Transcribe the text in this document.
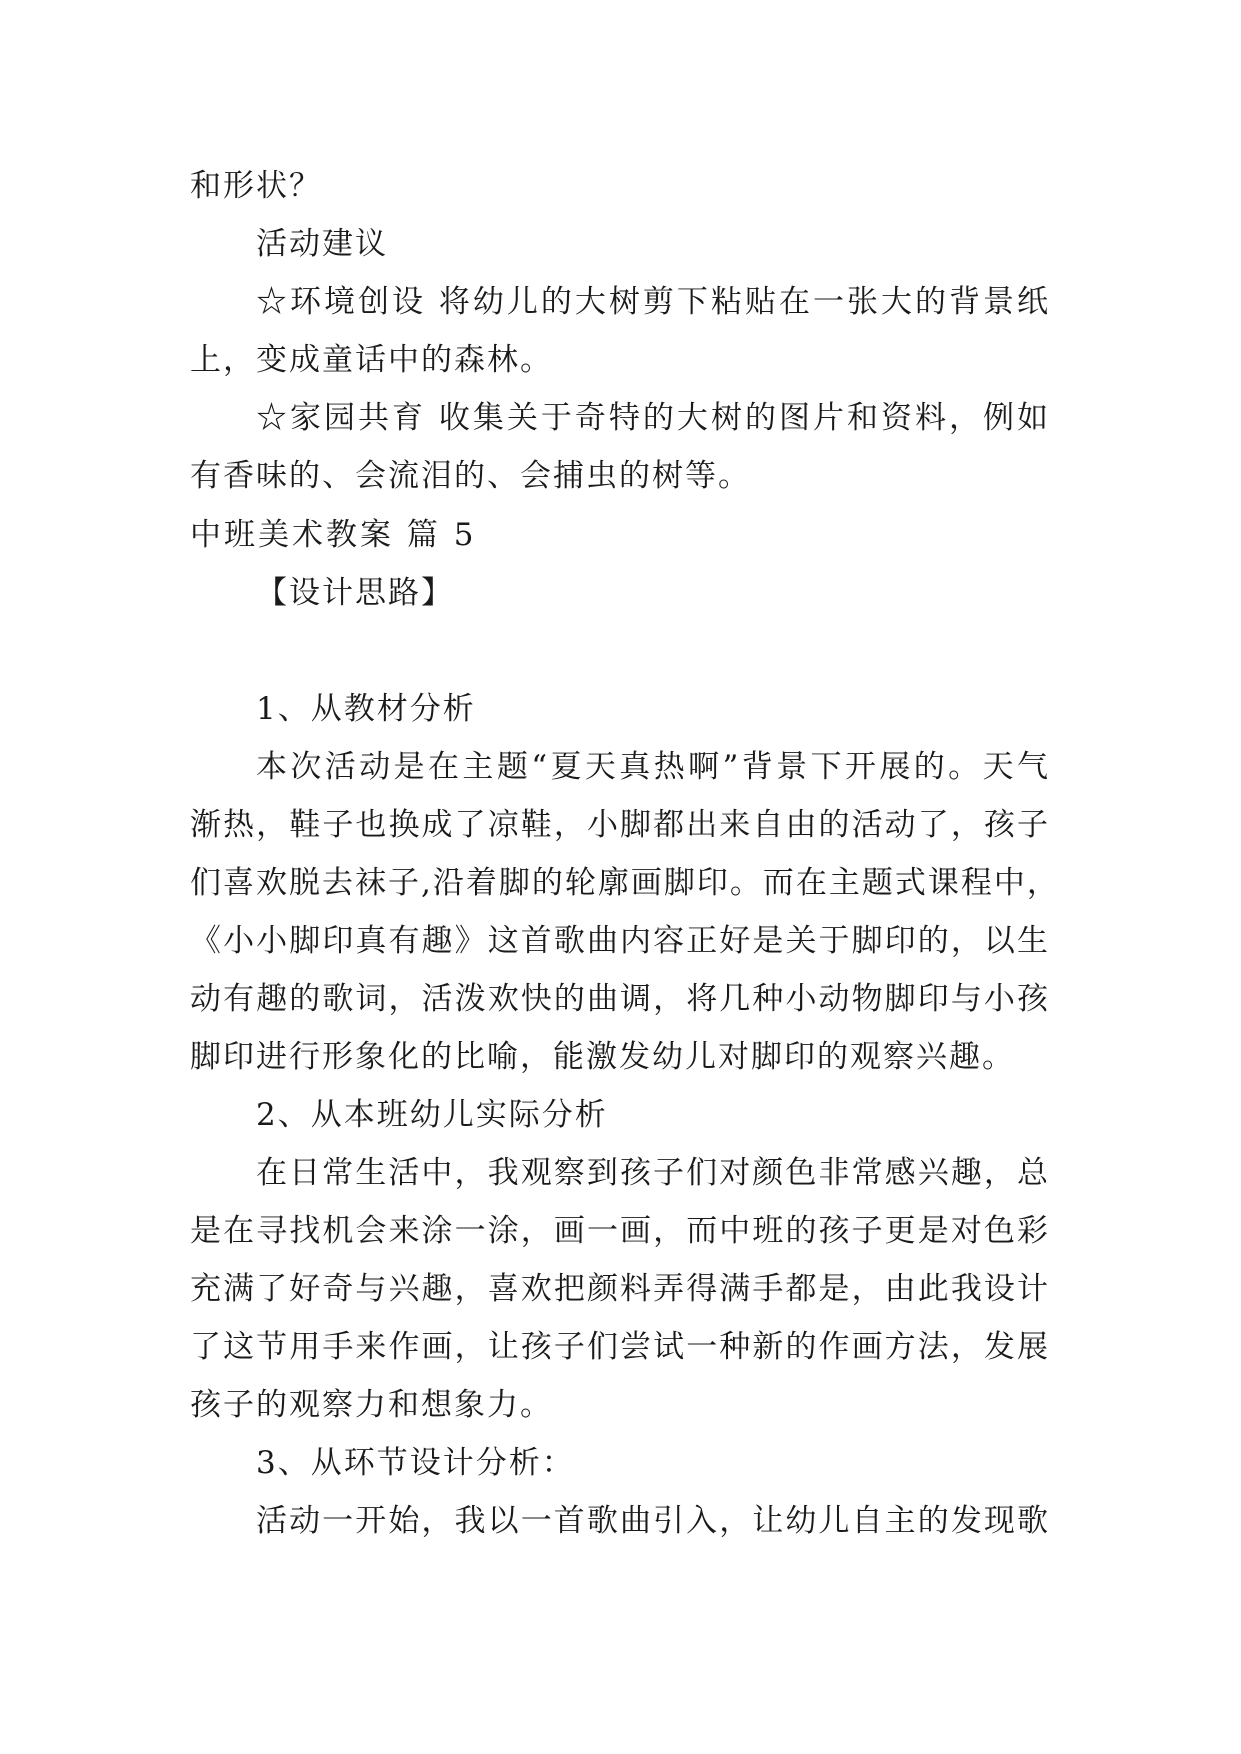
和形状？
活动建议
☆环境创设 将幼儿的大树剪下粘贴在一张大的背景纸
上，变成童话中的森林。
☆家园共育 收集关于奇特的大树的图片和资料，例如
有香味的、会流泪的、会捕虫的树等。
中班美术教案 篇 5
【设计思路】
1、从教材分析
本次活动是在主题“夏天真热啊”背景下开展的。天气
渐热，鞋子也换成了凉鞋，小脚都出来自由的活动了，孩子
们喜欢脱去袜子,沿着脚的轮廓画脚印。而在主题式课程中，
《小小脚印真有趣》这首歌曲内容正好是关于脚印的，以生
动有趣的歌词，活泼欢快的曲调，将几种小动物脚印与小孩
脚印进行形象化的比喻，能激发幼儿对脚印的观察兴趣。
2、从本班幼儿实际分析
在日常生活中，我观察到孩子们对颜色非常感兴趣，总
是在寻找机会来涂一涂，画一画，而中班的孩子更是对色彩
充满了好奇与兴趣，喜欢把颜料弄得满手都是，由此我设计
了这节用手来作画，让孩子们尝试一种新的作画方法，发展
孩子的观察力和想象力。
3、从环节设计分析：
活动一开始，我以一首歌曲引入，让幼儿自主的发现歌
